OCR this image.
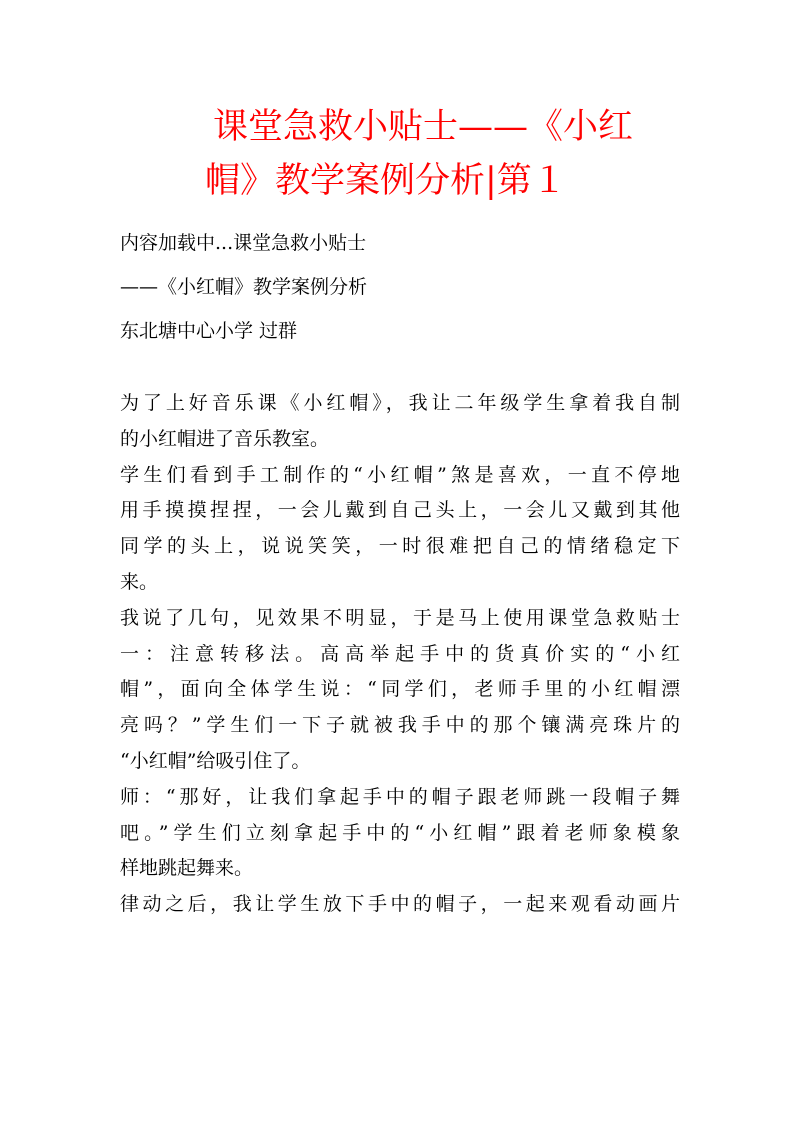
课堂急救小贴士——《小红
帽》教学案例分析|第１
内容加载中...课堂急救小贴士
——《小红帽》教学案例分析
东北塘中心小学 过群
为了上好音乐课《小红帽》，我让二年级学生拿着我自制
的小红帽进了音乐教室。
学生们看到手工制作的“小红帽”煞是喜欢，一直不停地
用手摸摸捏捏，一会儿戴到自己头上，一会儿又戴到其他
同学的头上，说说笑笑，一时很难把自己的情绪稳定下
来。
我说了几句，见效果不明显，于是马上使用课堂急救贴士
一：注意转移法。高高举起手中的货真价实的“小红
帽”，面向全体学生说：“同学们，老师手里的小红帽漂
亮吗？”学生们一下子就被我手中的那个镶满亮珠片的
“小红帽”给吸引住了。
师：“那好，让我们拿起手中的帽子跟老师跳一段帽子舞
吧。”学生们立刻拿起手中的“小红帽”跟着老师象模象
样地跳起舞来。
律动之后，我让学生放下手中的帽子，一起来观看动画片
